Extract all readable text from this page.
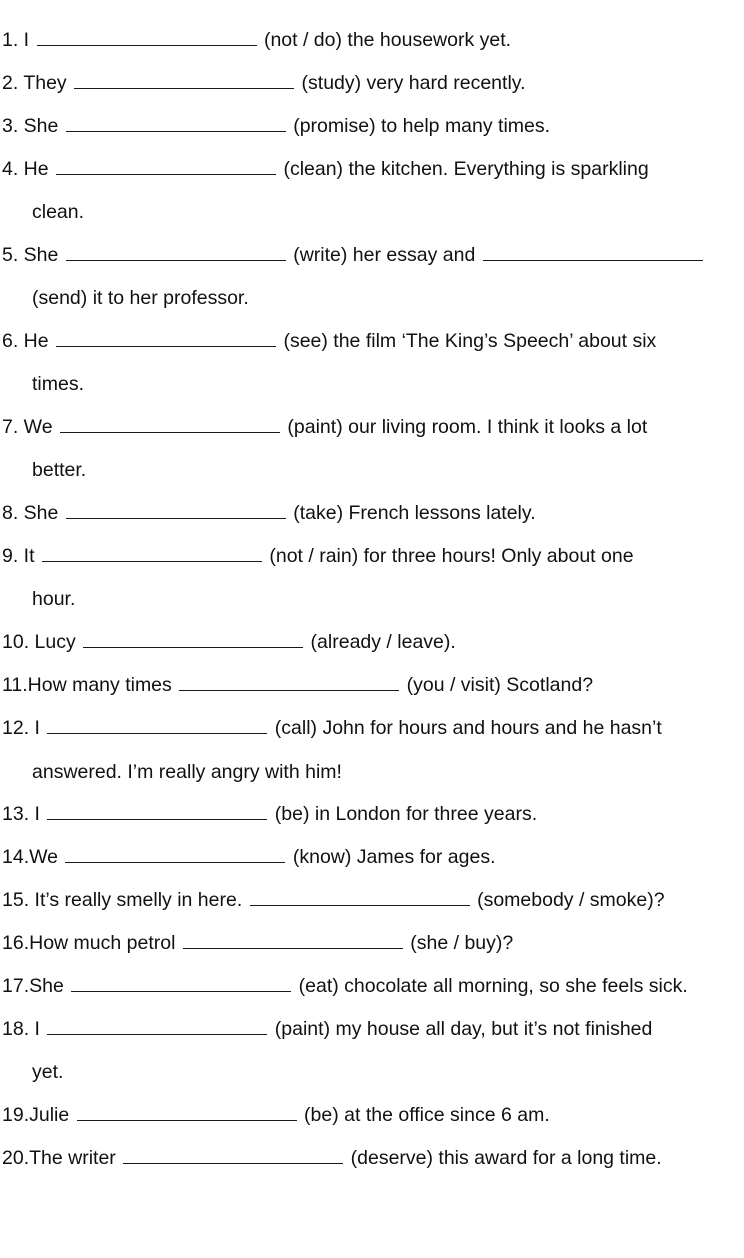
1. I	(not / do) the housework yet.
2. They	(study) very hard recently.
3. She	(promise) to help many times.
4. He	(clean) the kitchen. Everything is sparkling
clean.
5. She	(write) her essay and
(send) it to her professor.
6. He	(see) the film ‘The King’s Speech’ about six
times.
7. We	(paint) our living room. I think it looks a lot
better.
8. She	(take) French lessons lately.
9. It	(not / rain) for three hours! Only about one
hour.
10. Lucy	(already / leave).
11.How many times	(you / visit) Scotland?
12. I	(call) John for hours and hours and he hasn’t
answered. I’m really angry with him!
13. I	(be) in London for three years.
14.We	(know) James for ages.
15. It’s really smelly in here.	(somebody / smoke)?
16.How much petrol	(she / buy)?
17.She	(eat) chocolate all morning, so she feels sick.
18. I	(paint) my house all day, but it’s not finished
yet.
19.Julie	(be) at the office since 6 am.
20.The writer	(deserve) this award for a long time.
